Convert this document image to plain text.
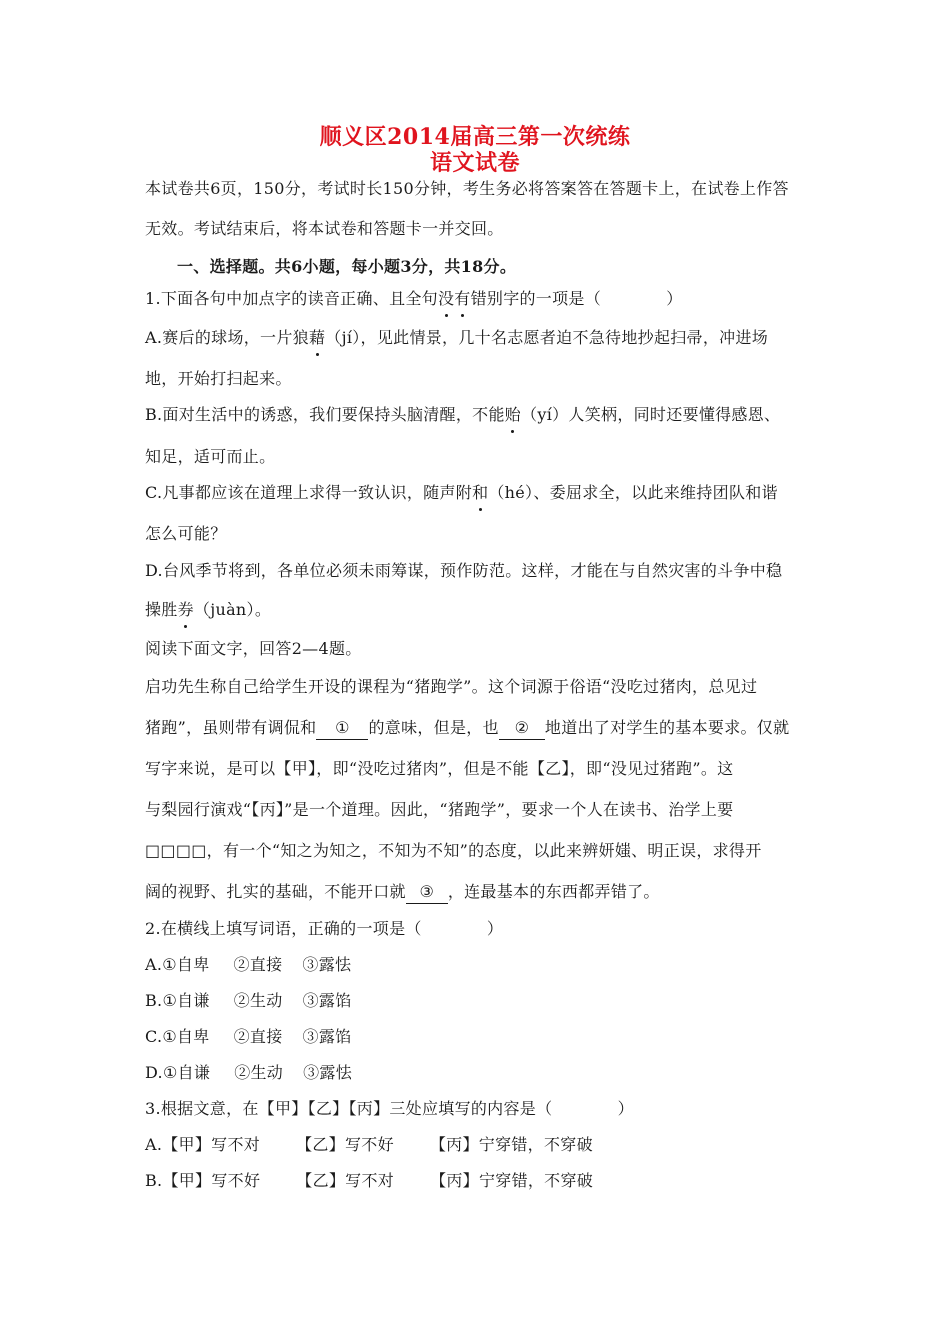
顺义区2014届高三第一次统练
语文试卷
本试卷共6页，150分，考试时长150分钟，考生务必将答案答在答题卡上，在试卷上作答
无效。考试结束后，将本试卷和答题卡一并交回。
一、选择题。共6小题，每小题3分，共18分。
1.下面各句中加点字的读音正确、且全句没有错别字的一项是（　　　　）
A.赛后的球场，一片狼藉（jí），见此情景，几十名志愿者迫不急待地抄起扫帚，冲进场
地，开始打扫起来。
B.面对生活中的诱惑，我们要保持头脑清醒，不能贻（yí）人笑柄，同时还要懂得感恩、
知足，适可而止。
C.凡事都应该在道理上求得一致认识，随声附和（hé）、委屈求全，以此来维持团队和谐
怎么可能？
D.台风季节将到，各单位必须未雨筹谋，预作防范。这样，才能在与自然灾害的斗争中稳
操胜券（juàn）。
阅读下面文字，回答2—4题。
启功先生称自己给学生开设的课程为“猪跑学”。这个词源于俗语“没吃过猪肉，总见过
猪跑”，虽则带有调侃和 ① 的意味，但是，也 ② 地道出了对学生的基本要求。仅就
写字来说，是可以【甲】，即“没吃过猪肉”，但是不能【乙】，即“没见过猪跑”。这
与梨园行演戏“【丙】”是一个道理。因此，“猪跑学”，要求一个人在读书、治学上要
□□□□，有一个“知之为知之，不知为不知”的态度，以此来辨妍媸、明正误，求得开
阔的视野、扎实的基础，不能开口就 ③ ，连最基本的东西都弄错了。
2.在横线上填写词语，正确的一项是（　　　　）
A.①自卑 ②直接 ③露怯
B.①自谦 ②生动 ③露馅
C.①自卑 ②直接 ③露馅
D.①自谦 ②生动 ③露怯
3.根据文意，在【甲】【乙】【丙】三处应填写的内容是（　　　　）
A.【甲】写不对 【乙】写不好 【丙】宁穿错，不穿破
B.【甲】写不好 【乙】写不对 【丙】宁穿错，不穿破
